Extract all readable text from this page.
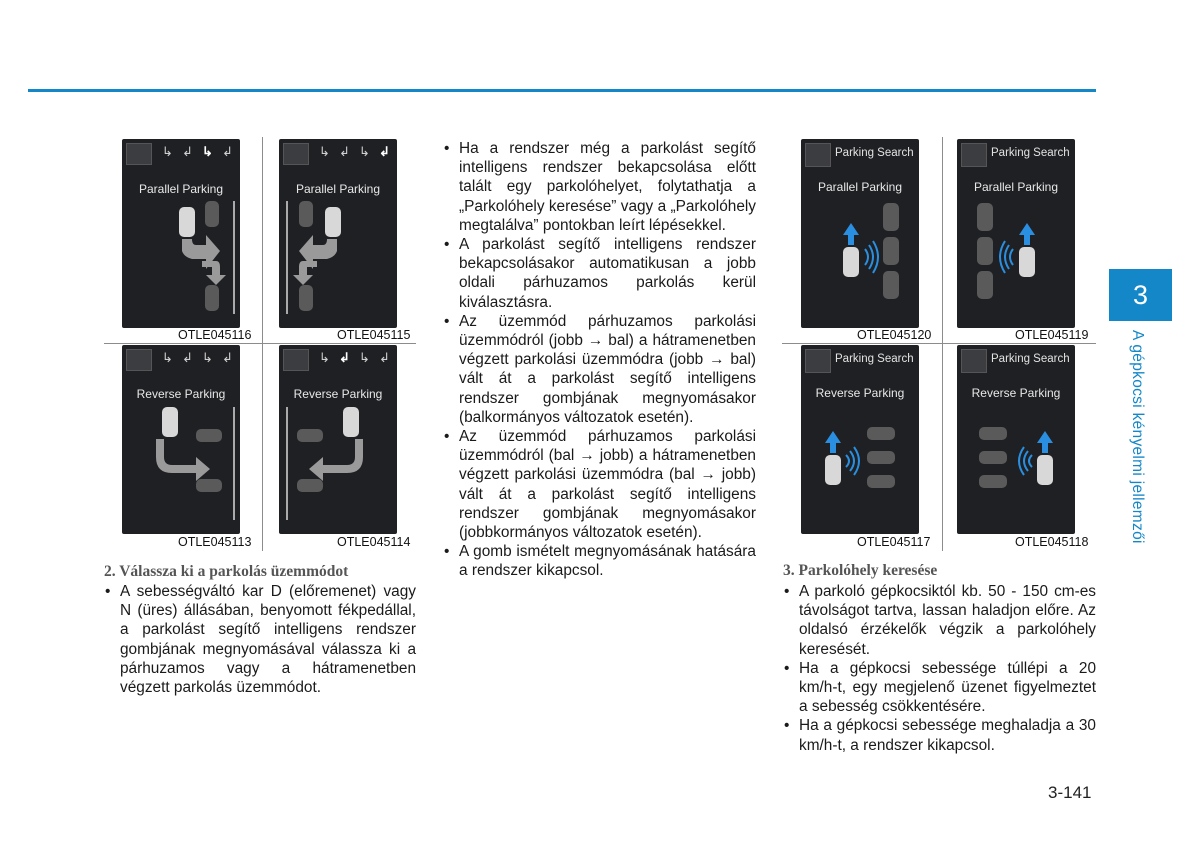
↳ ↲ ↳ ↲
Parallel Parking
OTLE045116
↳ ↲ ↳ ↲
Parallel Parking
OTLE045115
↳ ↲ ↳ ↲
Reverse Parking
OTLE045113
↳ ↲ ↳ ↲
Reverse Parking
OTLE045114
2. Válassza ki a parkolás üzemmódot
• A sebességváltó kar D (előremenet) vagy N (üres) állásában, benyomott fékpedállal, a parkolást segítő intelligens rendszer gombjának megnyomásával válassza ki a párhuzamos vagy a hátramenetben végzett parkolás üzemmódot.
• Ha a rendszer még a parkolást segítő intelligens rendszer bekapcsolása előtt talált egy parkolóhelyet, folytathatja a „Parkolóhely keresése” vagy a „Parkolóhely megtalálva” pontokban leírt lépésekkel.
• A parkolást segítő intelligens rendszer bekapcsolásakor automatikusan a jobb oldali párhuzamos parkolás kerül kiválasztásra.
• Az üzemmód párhuzamos parkolási üzemmódról (jobb → bal) a hátramenetben végzett parkolási üzemmódra (jobb → bal) vált át a parkolást segítő intelligens rendszer gombjának megnyomásakor (balkormányos változatok esetén).
• Az üzemmód párhuzamos parkolási üzemmódról (bal → jobb) a hátramenetben végzett parkolási üzemmódra (bal → jobb) vált át a parkolást segítő intelligens rendszer gombjának megnyomásakor (jobbkormányos változatok esetén).
• A gomb ismételt megnyomásának hatására a rendszer kikapcsol.
Parking Search
Parallel Parking
OTLE045120
Parking Search
Parallel Parking
OTLE045119
Parking Search
Reverse Parking
OTLE045117
Parking Search
Reverse Parking
OTLE045118
3. Parkolóhely keresése
• A parkoló gépkocsiktól kb. 50 - 150 cm-es távolságot tartva, lassan haladjon előre. Az oldalsó érzékelők végzik a parkolóhely keresését.
• Ha a gépkocsi sebessége túllépi a 20 km/h-t, egy megjelenő üzenet figyelmeztet a sebesség csökkentésére.
• Ha a gépkocsi sebessége meghaladja a 30 km/h-t, a rendszer kikapcsol.
3
A gépkocsi kényelmi jellemzői
3-141
